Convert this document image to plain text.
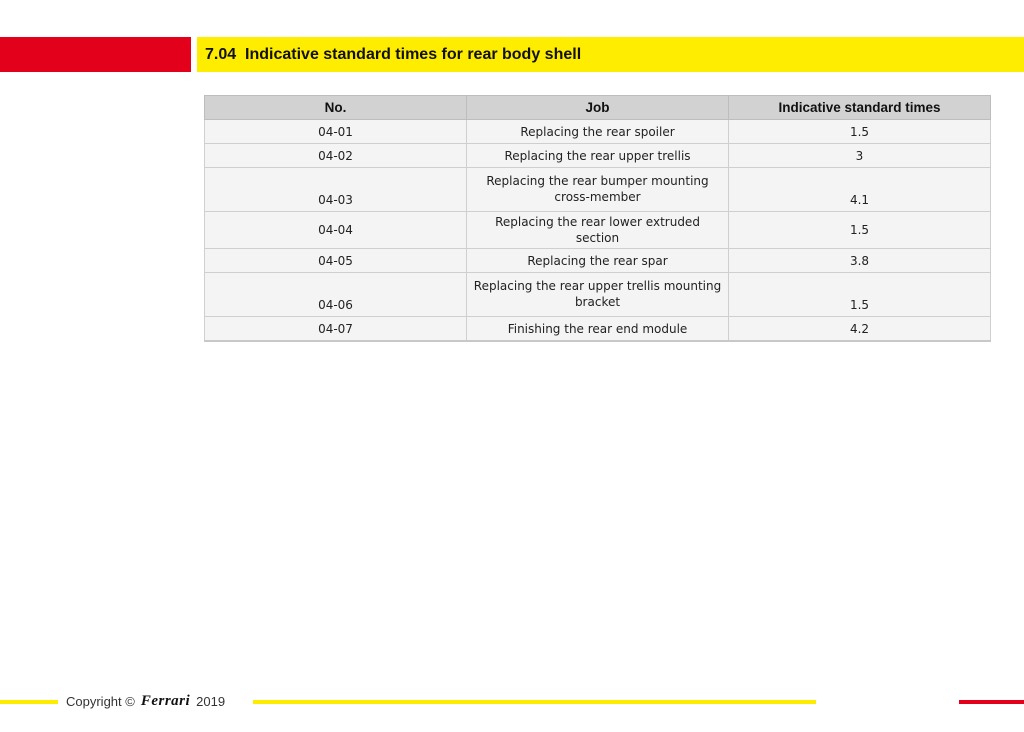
7.04  Indicative standard times for rear body shell
No.	Job	Indicative standard times
04-01	Replacing the rear spoiler	1.5
04-02	Replacing the rear upper trellis	3
04-03	Replacing the rear bumper mounting cross-member	4.1
04-04	Replacing the rear lower extruded section	1.5
04-05	Replacing the rear spar	3.8
04-06	Replacing the rear upper trellis mounting bracket	1.5
04-07	Finishing the rear end module	4.2
Copyright © Ferrari 2019
